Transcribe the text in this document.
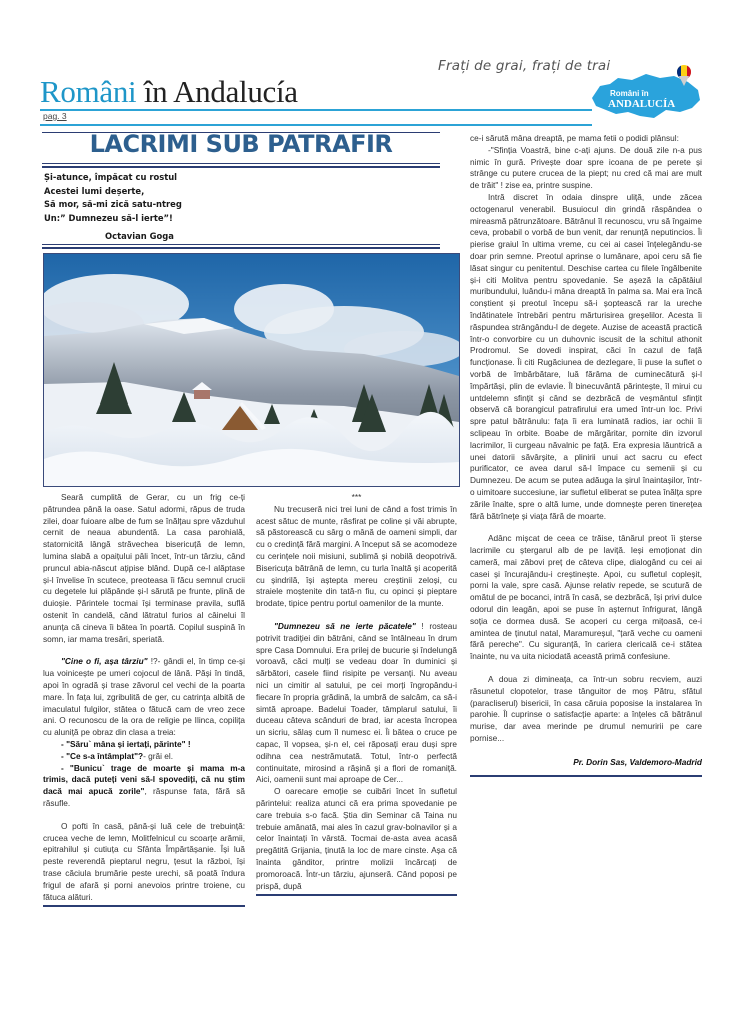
Români în Andalucía
Frați de grai, frați de trai
pag. 3
Români în
ANDALUCÍA
LACRIMI SUB PATRAFIR
Și-atunce, împăcat cu rostul
Acestei lumi deșerte,
Să mor, să-mi zică satu-ntreg
Un:” Dumnezeu să-l ierte”!
Octavian Goga

Seară cumplită de Gerar, cu un frig ce-ți pătrundea până la oase. Satul adormi, răpus de truda zilei, doar fuioare albe de fum se înălțau spre văzduhul cernit de neaua abundentă. La casa parohială, statornicită lângă străvechea bisericuță de lemn, lumina slabă a opaițului pâli încet, într-un târziu, când pruncul abia-născut ațipise blând. După ce-l alăptase și-l învelise în scutece, preoteasa îi făcu semnul crucii cu degetele lui plăpânde și-l sărută pe frunte, plină de duioșie. Părintele tocmai își terminase pravila, suflă ostenit în candelă, când lătratul furios al câinelui îl anunța că cineva îi bătea în poartă. Copilul suspină în somn, iar mama tresări, speriată.

"Cine o fi, așa târziu" !?- gândi el, în timp ce-și lua voinicește pe umeri cojocul de lână. Păși în tindă, apoi în ogradă și trase zăvorul cel vechi de la poarta mare. În fața lui, zgribulită de ger, cu catrința albită de imaculatul fulgilor, stătea o fătucă cam de vreo zece ani. O recunoscu de la ora de religie pe Ilinca, copilița cu aluniță pe obraz din clasa a treia:

- "Săru` mâna și iertați, părinte" !

- "Ce s-a întâmplat"?- grăi el.

- "Bunicu` trage de moarte și mama m-a trimis, dacă puteți veni să-l spovediți, că nu știm dacă mai apucă zorile", răspunse fata, fără să răsufle.

O pofti în casă, până-și luă cele de trebuință: crucea veche de lemn, Molitfelnicul cu scoarțe arămii, epitrahilul și cutiuța cu Sfânta Împărtășanie. Își luă peste reverendă pieptarul negru, țesut la război, își trase căciula brumărie peste urechi, să poată îndura frigul de afară și porni anevoios printre troiene, cu fătuca alături.

***

Nu trecuseră nici trei luni de când a fost trimis în acest sătuc de munte, răsfirat pe coline și văi abrupte, să păstorească cu sârg o mână de oameni simpli, dar cu o credință fără margini. A început să se acomodeze cu cerințele noii misiuni, sublimă și nobilă deopotrivă. Bisericuța bătrână de lemn, cu turla înaltă și acoperită cu șindrilă, își aștepta mereu creștinii zeloși, cu straiele moștenite din tată-n fiu, cu opinci și pieptare brodate, tipice pentru portul oamenilor de la munte.

"Dumnezeu să ne ierte păcatele" ! rosteau potrivit tradiției din bătrâni, când se întâlneau în drum spre Casa Domnului. Era prilej de bucurie și îndelungă voroavă, căci mulți se vedeau doar în duminici și sărbători, casele fiind risipite pe versanți. Nu aveau nici un cimitir al satului, pe cei morți îngropându-i fiecare în propria grădină, la umbră de salcâm, ca să-i simtă aproape. Badelui Toader, tâmplarul satului, îi duceau câteva scânduri de brad, iar acesta încropea un sicriu, sălaș cum îl numesc ei. Îi bătea o cruce pe capac, îl vopsea, și-n el, cei răposați erau duși spre odihna cea nestrămutată. Totul, într-o perfectă continuitate, mirosind a rășină și a flori de romaniță. Aici, oamenii sunt mai aproape de Cer...

O oarecare emoție se cuibări încet în sufletul părintelui: realiza atunci că era prima spovedanie pe care trebuia s-o facă. Știa din Seminar că Taina nu trebuie amânată, mai ales în cazul grav-bolnavilor și a celor înaintați în vârstă. Tocmai de-asta avea acasă pregătită Grijania, ținută la loc de mare cinste. Așa că înainta gânditor, printre molizii încărcați de promoroacă. Într-un târziu, ajunseră. Când poposi pe prispă, după

ce-i sărută mâna dreaptă, pe mama fetii o podidi plânsul:

-"Sfinția Voastră, bine c-ați ajuns. De două zile n-a pus nimic în gură. Privește doar spre icoana de pe perete și strânge cu putere crucea de la piept; nu cred că mai are mult de trăit" ! zise ea, printre suspine.

Intră discret în odaia dinspre uliță, unde zăcea octogenarul venerabil. Busuiocul din grindă răspândea o mireasmă pătrunzătoare. Bătrânul îl recunoscu, vru să îngaime ceva, probabil o vorbă de bun venit, dar renunță neputincios. Îi pierise graiul în ultima vreme, cu cei ai casei înțelegându-se doar prin semne. Preotul aprinse o lumânare, apoi ceru să fie lăsat singur cu penitentul. Deschise cartea cu filele îngălbenite și-i citi Molitva pentru spovedanie. Se așeză la căpătâiul muribundului, luându-i mâna dreaptă în palma sa. Mai era încă conștient și preotul începu să-i șoptească rar la ureche îndătinatele întrebări pentru mărturisirea greșelilor. Acesta îi răspundea strângându-l de degete. Auzise de această practică într-o convorbire cu un duhovnic iscusit de la schitul athonit Prodromul. Se dovedi inspirat, căci în cazul de față funcționase. Îi citi Rugăciunea de dezlegare, îi puse la suflet o vorbă de îmbărbătare, luă fărâma de cuminecătură și-l împărtăși, plin de evlavie. Îl binecuvântă părintește, îl mirui cu untdelemn sfințit și când se dezbrăcă de veșmântul sfințit observă că borangicul patrafirului era umed într-un loc. Privi spre patul bătrânulu: fața îi era luminată radios, iar ochii îi sclipeau în orbite. Boabe de mărgăritar, pornite din izvorul lacrimilor, îi curgeau năvalnic pe față. Era expresia lăuntrică a unei datorii săvârșite, a plinirii unui act sacru cu efect purificator, ce avea darul să-l împace cu semenii și cu Dumnezeu. De acum se putea adăuga la șirul înaintașilor, într-o uimitoare succesiune, iar sufletul eliberat se putea înălța spre zările înalte, spre o altă lume, unde domnește peren tinerețea fără bătrînețe și viața fără de moarte.

Adânc mișcat de ceea ce trăise, tânărul preot îi șterse lacrimile cu ștergarul alb de pe laviță. Ieși emoționat din cameră, mai zăbovi preț de câteva clipe, dialogând cu cei ai casei și încurajându-i creștinește. Apoi, cu sufletul copleșit, porni la vale, spre casă. Ajunse relativ repede, se scutură de omătul de pe bocanci, intră în casă, se dezbrăcă, își privi dulce odorul din leagăn, apoi se puse în așternut înfrigurat, lângă soția ce dormea dusă. Se acoperi cu cerga mițoasă, ce-i amintea de ținutul natal, Maramureșul, "țară veche cu oameni fără pereche". Cu siguranță, în cariera clericală ce-i stătea înainte, nu va uita niciodată această primă confesiune.

A doua zi dimineața, ca într-un sobru recviem, auzi răsunetul clopotelor, trase tânguitor de moș Pătru, sfătul (paracliserul) bisericii, în casa căruia poposise la instalarea în parohie. Îl cuprinse o satisfacție aparte: a înțeles că bătrânul murise, dar avea merinde pe drumul nemuririi pe care pornise...

Pr. Dorin Sas, Valdemoro-Madrid
